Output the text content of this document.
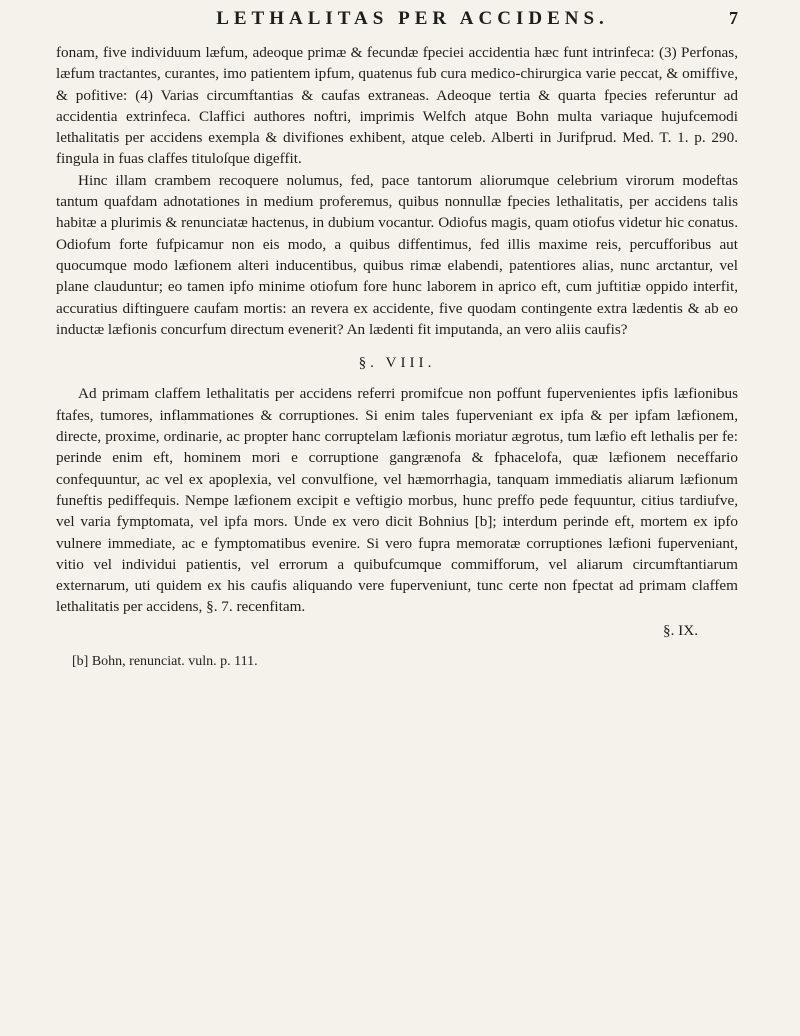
LETHALITAS PER ACCIDENS.	7

fonam, five individuum læfum, adeoque primæ & fecundæ fpeciei accidentia hæc funt intrinfeca: (3) Perfonas, læfum tractantes, curantes, imo patientem ipfum, quatenus fub cura medico-chirurgica varie peccat, & omiffive, & pofitive: (4) Varias circumftantias & caufas extraneas. Adeoque tertia & quarta fpecies referuntur ad accidentia extrinfeca. Claffici authores noftri, imprimis Welfch atque Bohn multa variaque hujufcemodi lethalitatis per accidens exempla & divifiones exhibent, atque celeb. Alberti in Jurifprud. Med. T. 1. p. 290. fingula in fuas claffes tituloſque digeffit.

Hinc illam crambem recoquere nolumus, fed, pace tantorum aliorumque celebrium virorum modeftas tantum quafdam adnotationes in medium proferemus, quibus nonnullæ fpecies lethalitatis, per accidens talis habitæ a plurimis & renunciatæ hactenus, in dubium vocantur. Odiofus magis, quam otiofus videtur hic conatus. Odiofum forte fufpicamur non eis modo, a quibus diffentimus, fed illis maxime reis, percufforibus aut quocumque modo læfionem alteri inducentibus, quibus rimæ elabendi, patentiores alias, nunc arctantur, vel plane clauduntur; eo tamen ipfo minime otiofum fore hunc laborem in aprico eft, cum juftitiæ oppido interfit, accuratius diftinguere caufam mortis: an revera ex accidente, five quodam contingente extra lædentis & ab eo inductæ læfionis concurfum directum evenerit? An lædenti fit imputanda, an vero aliis caufis?

§. VIII.

Ad primam claffem lethalitatis per accidens referri promifcue non poffunt fupervenientes ipfis læfionibus ftafes, tumores, inflammationes & corruptiones. Si enim tales fuperveniant ex ipfa & per ipfam læfionem, directe, proxime, ordinarie, ac propter hanc corruptelam læfionis moriatur ægrotus, tum læfio eft lethalis per fe: perinde enim eft, hominem mori e corruptione gangrænofa & fphacelofa, quæ læfionem neceffario confequuntur, ac vel ex apoplexia, vel convulfione, vel hæmorrhagia, tanquam immediatis aliarum læfionum funeftis pediffequis. Nempe læfionem excipit e veftigio morbus, hunc preffo pede fequuntur, citius tardiufve, vel varia fymptomata, vel ipfa mors. Unde ex vero dicit Bohnius [b]; interdum perinde eft, mortem ex ipfo vulnere immediate, ac e fymptomatibus evenire. Si vero fupra memoratæ corruptiones læfioni fuperveniant, vitio vel individui patientis, vel errorum a quibufcumque commifforum, vel aliarum circumftantiarum externarum, uti quidem ex his caufis aliquando vere fuperveniunt, tunc certe non fpectat ad primam claffem lethalitatis per accidens, §. 7. recenfitam.

§. IX.
[b] Bohn, renunciat. vuln. p. 111.
